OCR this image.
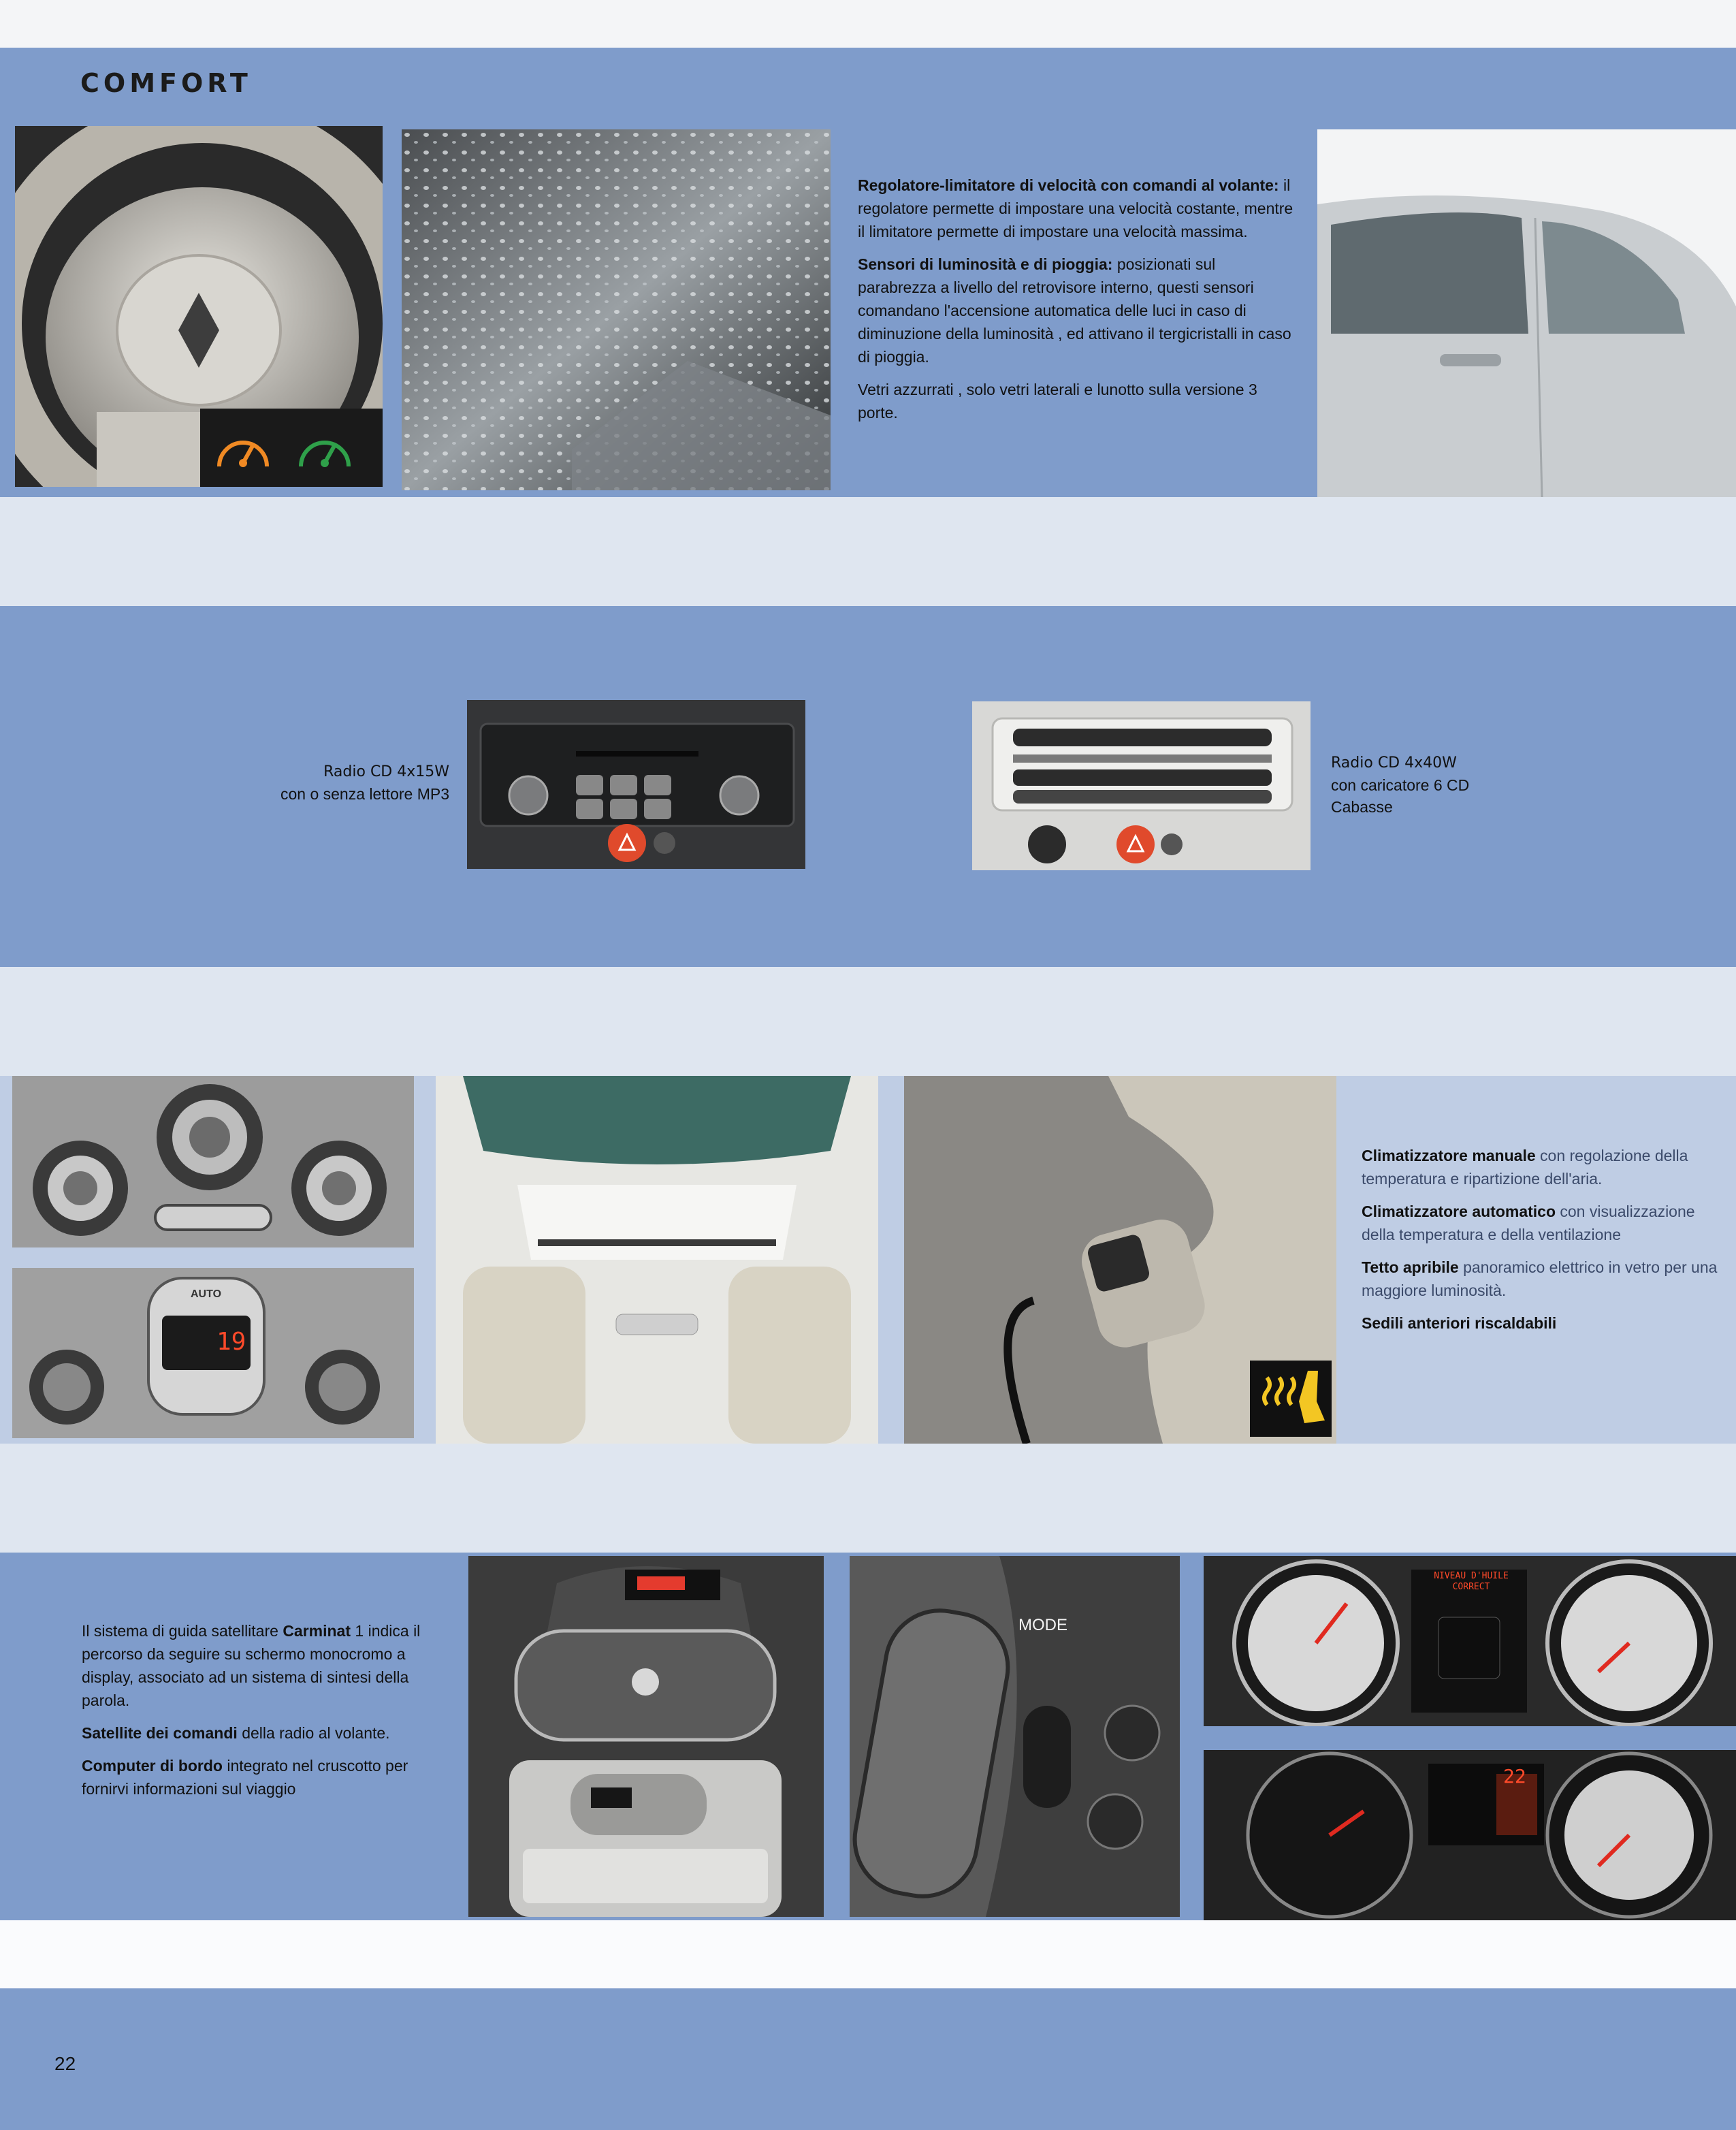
COMFORT

Regolatore-limitatore di velocità con comandi al volante: il regolatore permette di impostare una velocità costante, mentre il limitatore permette di impostare una velocità massima.

Sensori di luminosità e di pioggia: posizionati sul parabrezza a livello del retrovisore interno, questi sensori comandano l'accensione automatica delle luci in caso di diminuzione della luminosità , ed attivano il tergicristalli in caso di pioggia.

Vetri azzurrati , solo vetri laterali e lunotto sulla versione 3 porte.

Radio CD 4x15W
con o senza lettore MP3
Radio CD 4x40W
con caricatore 6 CD
Cabasse
AUTO
19

Climatizzatore manuale con regolazione della temperatura e ripartizione dell'aria.

Climatizzatore automatico con visualizzazione della temperatura e della ventilazione

Tetto apribile panoramico elettrico in vetro per una maggiore luminosità.

Sedili anteriori riscaldabili

Il sistema di guida satellitare Carminat 1 indica il percorso da seguire su schermo monocromo a display, associato ad un sistema di sintesi della parola.

Satellite dei comandi della radio al volante.

Computer di bordo integrato nel cruscotto per fornirvi informazioni sul viaggio

MODE
NIVEAU D'HUILE CORRECT
22
22
